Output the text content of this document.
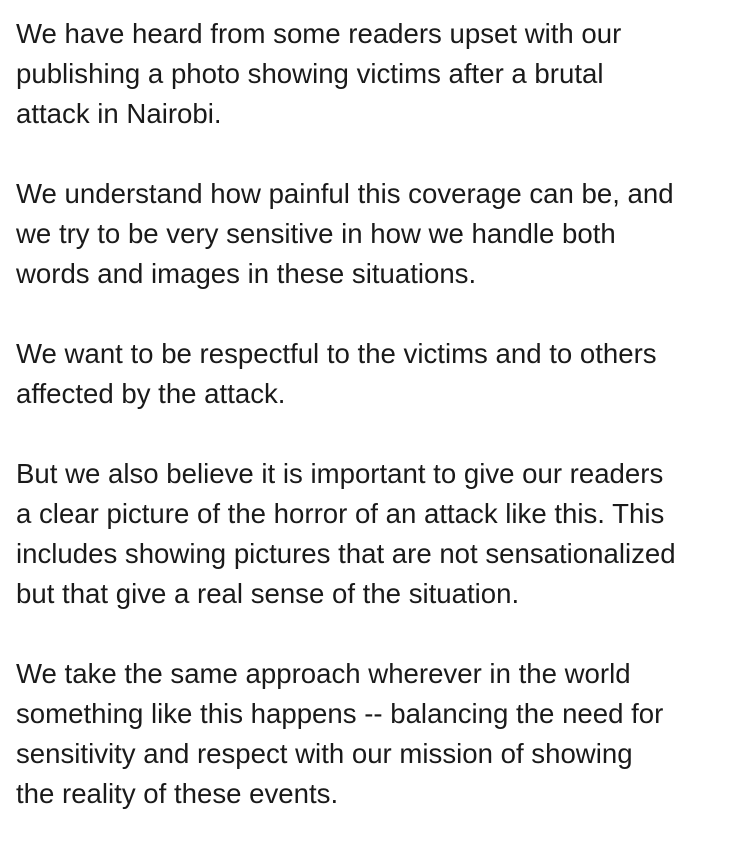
We have heard from some readers upset with our
publishing a photo showing victims after a brutal
attack in Nairobi.

We understand how painful this coverage can be, and
we try to be very sensitive in how we handle both
words and images in these situations.

We want to be respectful to the victims and to others
affected by the attack.

But we also believe it is important to give our readers
a clear picture of the horror of an attack like this. This
includes showing pictures that are not sensationalized
but that give a real sense of the situation.

We take the same approach wherever in the world
something like this happens -- balancing the need for
sensitivity and respect with our mission of showing
the reality of these events.
